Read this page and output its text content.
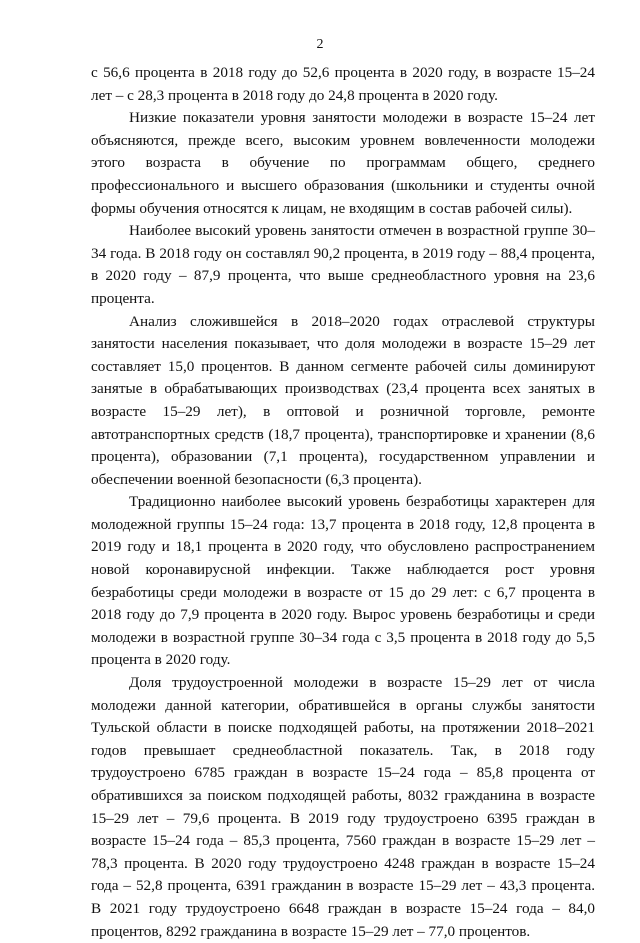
2

с 56,6 процента в 2018 году до 52,6 процента в 2020 году, в возрасте 15–24 лет – с 28,3 процента в 2018 году до 24,8 процента в 2020 году.

Низкие показатели уровня занятости молодежи в возрасте 15–24 лет объясняются, прежде всего, высоким уровнем вовлеченности молодежи этого возраста в обучение по программам общего, среднего профессионального и высшего образования (школьники и студенты очной формы обучения относятся к лицам, не входящим в состав рабочей силы).

Наиболее высокий уровень занятости отмечен в возрастной группе 30–34 года. В 2018 году он составлял 90,2 процента, в 2019 году – 88,4 процента, в 2020 году – 87,9 процента, что выше среднеобластного уровня на 23,6 процента.

Анализ сложившейся в 2018–2020 годах отраслевой структуры занятости населения показывает, что доля молодежи в возрасте 15–29 лет составляет 15,0 процентов. В данном сегменте рабочей силы доминируют занятые в обрабатывающих производствах (23,4 процента всех занятых в возрасте 15–29 лет), в оптовой и розничной торговле, ремонте автотранспортных средств (18,7 процента), транспортировке и хранении (8,6 процента), образовании (7,1 процента), государственном управлении и обеспечении военной безопасности (6,3 процента).

Традиционно наиболее высокий уровень безработицы характерен для молодежной группы 15–24 года: 13,7 процента в 2018 году, 12,8 процента в 2019 году и 18,1 процента в 2020 году, что обусловлено распространением новой коронавирусной инфекции. Также наблюдается рост уровня безработицы среди молодежи в возрасте от 15 до 29 лет: с 6,7 процента в 2018 году до 7,9 процента в 2020 году. Вырос уровень безработицы и среди молодежи в возрастной группе 30–34 года с 3,5 процента в 2018 году до 5,5 процента в 2020 году.

Доля трудоустроенной молодежи в возрасте 15–29 лет от числа молодежи данной категории, обратившейся в органы службы занятости Тульской области в поиске подходящей работы, на протяжении 2018–2021 годов превышает среднеобластной показатель. Так, в 2018 году трудоустроено 6785 граждан в возрасте 15–24 года – 85,8 процента от обратившихся за поиском подходящей работы, 8032 гражданина в возрасте 15–29 лет – 79,6 процента. В 2019 году трудоустроено 6395 граждан в возрасте 15–24 года – 85,3 процента, 7560 граждан в возрасте 15–29 лет – 78,3 процента. В 2020 году трудоустроено 4248 граждан в возрасте 15–24 года – 52,8 процента, 6391 гражданин в возрасте 15–29 лет – 43,3 процента. В 2021 году трудоустроено 6648 граждан в возрасте 15–24 года – 84,0 процентов, 8292 гражданина в возрасте 15–29 лет – 77,0 процентов.
